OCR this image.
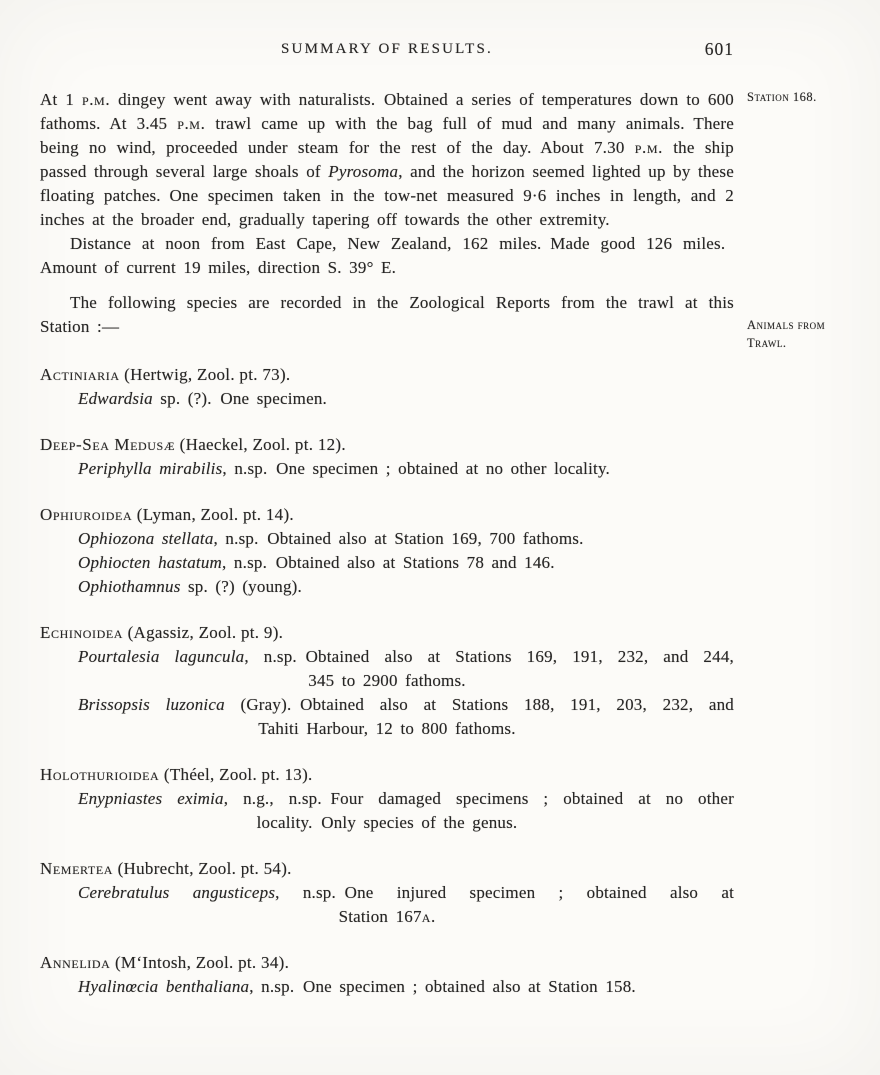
SUMMARY OF RESULTS.	601

At 1 p.m. dingey went away with naturalists. Obtained a series of temperatures down to 600 fathoms. At 3.45 p.m. trawl came up with the bag full of mud and many animals. There being no wind, proceeded under steam for the rest of the day. About 7.30 p.m. the ship passed through several large shoals of Pyrosoma, and the horizon seemed lighted up by these floating patches. One specimen taken in the tow-net measured 9·6 inches in length, and 2 inches at the broader end, gradually tapering off towards the other extremity.

Distance at noon from East Cape, New Zealand, 162 miles. Made good 126 miles. Amount of current 19 miles, direction S. 39° E.

The following species are recorded in the Zoological Reports from the trawl at this Station :—

Actiniaria (Hertwig, Zool. pt. 73).
Edwardsia sp. (?). One specimen.
Deep-Sea Medusæ (Haeckel, Zool. pt. 12).
Periphylla mirabilis, n.sp. One specimen ; obtained at no other locality.
Ophiuroidea (Lyman, Zool. pt. 14).
Ophiozona stellata, n.sp. Obtained also at Station 169, 700 fathoms.
Ophiocten hastatum, n.sp. Obtained also at Stations 78 and 146.
Ophiothamnus sp. (?) (young).
Echinoidea (Agassiz, Zool. pt. 9).
Pourtalesia laguncula, n.sp. Obtained also at Stations 169, 191, 232, and 244,
345 to 2900 fathoms.
Brissopsis luzonica (Gray). Obtained also at Stations 188, 191, 203, 232, and
Tahiti Harbour, 12 to 800 fathoms.
Holothurioidea (Théel, Zool. pt. 13).
Enypniastes eximia, n.g., n.sp. Four damaged specimens ; obtained at no other
locality. Only species of the genus.
Nemertea (Hubrecht, Zool. pt. 54).
Cerebratulus angusticeps, n.sp. One injured specimen ; obtained also at
Station 167a.
Annelida (M‘Intosh, Zool. pt. 34).
Hyalinœcia benthaliana, n.sp. One specimen ; obtained also at Station 158.
Station 168.
Animals from Trawl.
